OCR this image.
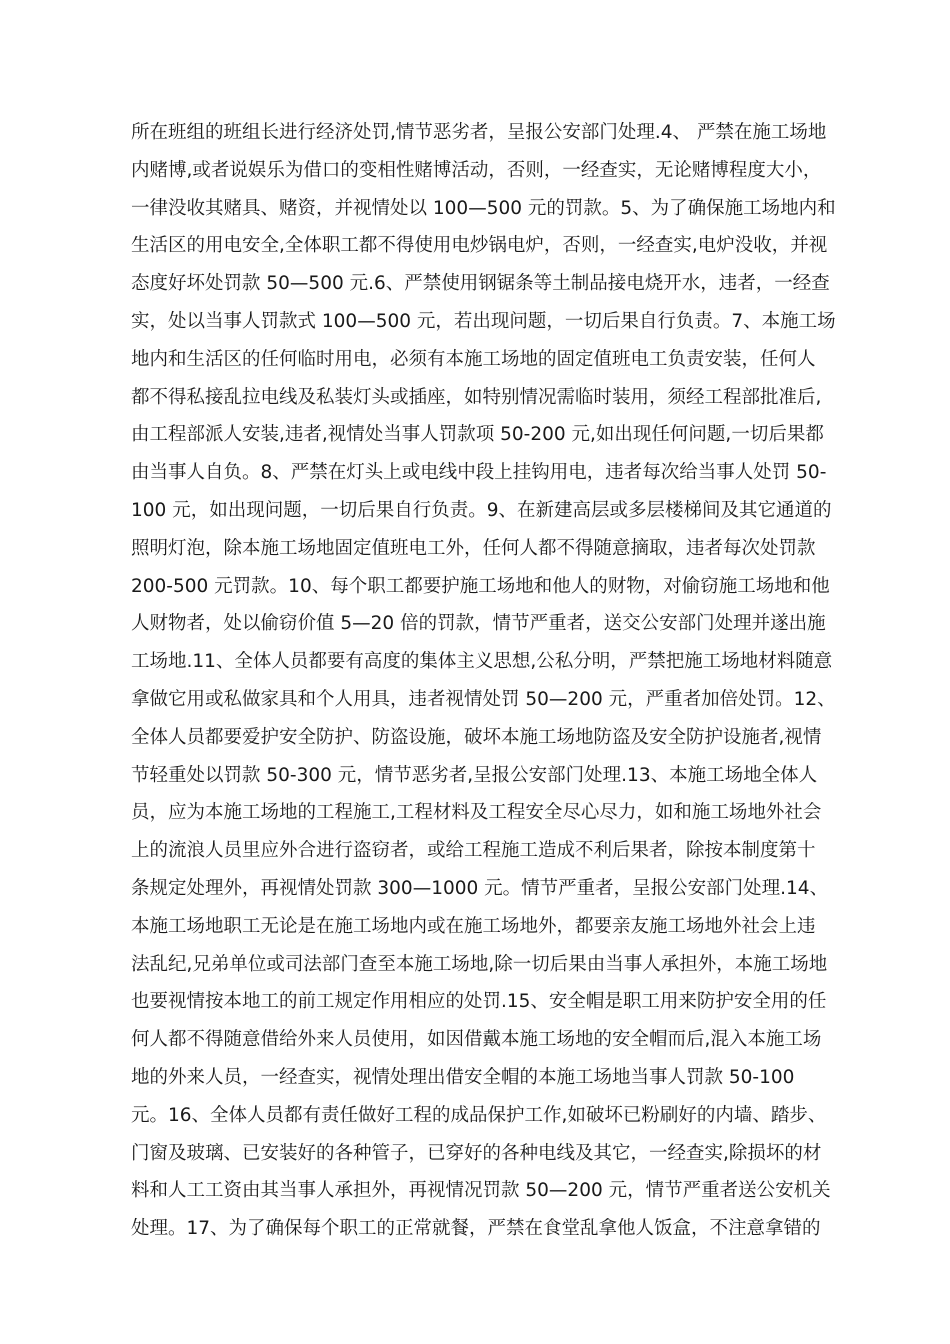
所在班组的班组长进行经济处罚,情节恶劣者，呈报公安部门处理.4、 严禁在施工场地
内赌博,或者说娱乐为借口的变相性赌博活动，否则，一经查实，无论赌博程度大小，
一律没收其赌具、赌资，并视情处以 100—500 元的罚款。5、为了确保施工场地内和
生活区的用电安全,全体职工都不得使用电炒锅电炉，否则，一经查实,电炉没收，并视
态度好坏处罚款 50—500 元.6、严禁使用钢锯条等土制品接电烧开水，违者，一经查
实，处以当事人罚款式 100—500 元，若出现问题，一切后果自行负责。7、本施工场
地内和生活区的任何临时用电，必须有本施工场地的固定值班电工负责安装，任何人
都不得私接乱拉电线及私装灯头或插座，如特别情况需临时装用，须经工程部批准后,
由工程部派人安装,违者,视情处当事人罚款项 50-200 元,如出现任何问题,一切后果都
由当事人自负。8、严禁在灯头上或电线中段上挂钩用电，违者每次给当事人处罚 50-
100 元，如出现问题，一切后果自行负责。9、在新建高层或多层楼梯间及其它通道的
照明灯泡，除本施工场地固定值班电工外，任何人都不得随意摘取，违者每次处罚款
200-500 元罚款。10、每个职工都要护施工场地和他人的财物，对偷窃施工场地和他
人财物者，处以偷窃价值 5—20 倍的罚款，情节严重者，送交公安部门处理并遂出施
工场地.11、全体人员都要有高度的集体主义思想,公私分明，严禁把施工场地材料随意
拿做它用或私做家具和个人用具，违者视情处罚 50—200 元，严重者加倍处罚。12、
全体人员都要爱护安全防护、防盗设施，破坏本施工场地防盗及安全防护设施者,视情
节轻重处以罚款 50-300 元，情节恶劣者,呈报公安部门处理.13、本施工场地全体人
员，应为本施工场地的工程施工,工程材料及工程安全尽心尽力，如和施工场地外社会
上的流浪人员里应外合进行盗窃者，或给工程施工造成不利后果者，除按本制度第十
条规定处理外，再视情处罚款 300—1000 元。情节严重者，呈报公安部门处理.14、
本施工场地职工无论是在施工场地内或在施工场地外，都要亲友施工场地外社会上违
法乱纪,兄弟单位或司法部门查至本施工场地,除一切后果由当事人承担外，本施工场地
也要视情按本地工的前工规定作用相应的处罚.15、安全帽是职工用来防护安全用的任
何人都不得随意借给外来人员使用，如因借戴本施工场地的安全帽而后,混入本施工场
地的外来人员，一经查实，视情处理出借安全帽的本施工场地当事人罚款 50-100
元。16、全体人员都有责任做好工程的成品保护工作,如破坏已粉刷好的内墙、踏步、
门窗及玻璃、已安装好的各种管子，已穿好的各种电线及其它，一经查实,除损坏的材
料和人工工资由其当事人承担外，再视情况罚款 50—200 元，情节严重者送公安机关
处理。17、为了确保每个职工的正常就餐，严禁在食堂乱拿他人饭盒，不注意拿错的
